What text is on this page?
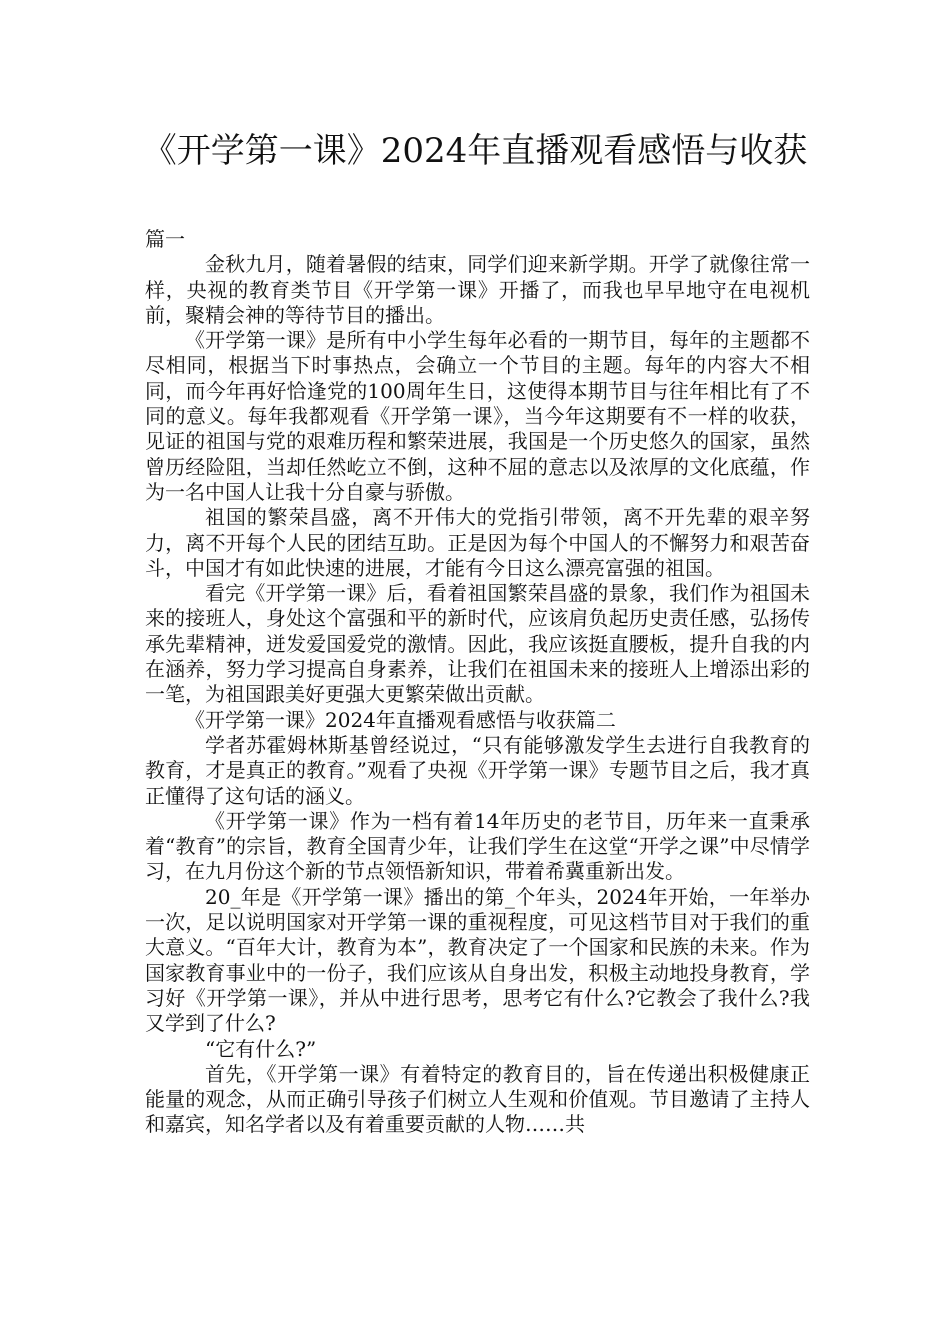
《开学第一课》2024年直播观看感悟与收获

篇一

金秋九月，随着暑假的结束，同学们迎来新学期。开学了就像往常一样，央视的教育类节目《开学第一课》开播了，而我也早早地守在电视机前，聚精会神的等待节目的播出。

《开学第一课》是所有中小学生每年必看的一期节目，每年的主题都不尽相同，根据当下时事热点，会确立一个节目的主题。每年的内容大不相同，而今年再好恰逢党的100周年生日，这使得本期节目与往年相比有了不同的意义。每年我都观看《开学第一课》，当今年这期要有不一样的收获，见证的祖国与党的艰难历程和繁荣进展，我国是一个历史悠久的国家，虽然曾历经险阻，当却任然屹立不倒，这种不屈的意志以及浓厚的文化底蕴，作为一名中国人让我十分自豪与骄傲。

祖国的繁荣昌盛，离不开伟大的党指引带领，离不开先辈的艰辛努力，离不开每个人民的团结互助。正是因为每个中国人的不懈努力和艰苦奋斗，中国才有如此快速的进展，才能有今日这么漂亮富强的祖国。

看完《开学第一课》后，看着祖国繁荣昌盛的景象，我们作为祖国未来的接班人，身处这个富强和平的新时代，应该肩负起历史责任感，弘扬传承先辈精神，迸发爱国爱党的激情。因此，我应该挺直腰板，提升自我的内在涵养，努力学习提高自身素养，让我们在祖国未来的接班人上增添出彩的一笔，为祖国跟美好更强大更繁荣做出贡献。

《开学第一课》2024年直播观看感悟与收获篇二

学者苏霍姆林斯基曾经说过，“只有能够激发学生去进行自我教育的教育，才是真正的教育。”观看了央视《开学第一课》专题节目之后，我才真正懂得了这句话的涵义。

《开学第一课》作为一档有着14年历史的老节目，历年来一直秉承着“教育”的宗旨，教育全国青少年，让我们学生在这堂“开学之课”中尽情学习，在九月份这个新的节点领悟新知识，带着希冀重新出发。

20_年是《开学第一课》播出的第_个年头，2024年开始，一年举办一次，足以说明国家对开学第一课的重视程度，可见这档节目对于我们的重大意义。“百年大计，教育为本”，教育决定了一个国家和民族的未来。作为国家教育事业中的一份子，我们应该从自身出发，积极主动地投身教育，学习好《开学第一课》，并从中进行思考，思考它有什么?它教会了我什么?我又学到了什么?

“它有什么?”

首先，《开学第一课》有着特定的教育目的，旨在传递出积极健康正能量的观念，从而正确引导孩子们树立人生观和价值观。节目邀请了主持人和嘉宾，知名学者以及有着重要贡献的人物……共
